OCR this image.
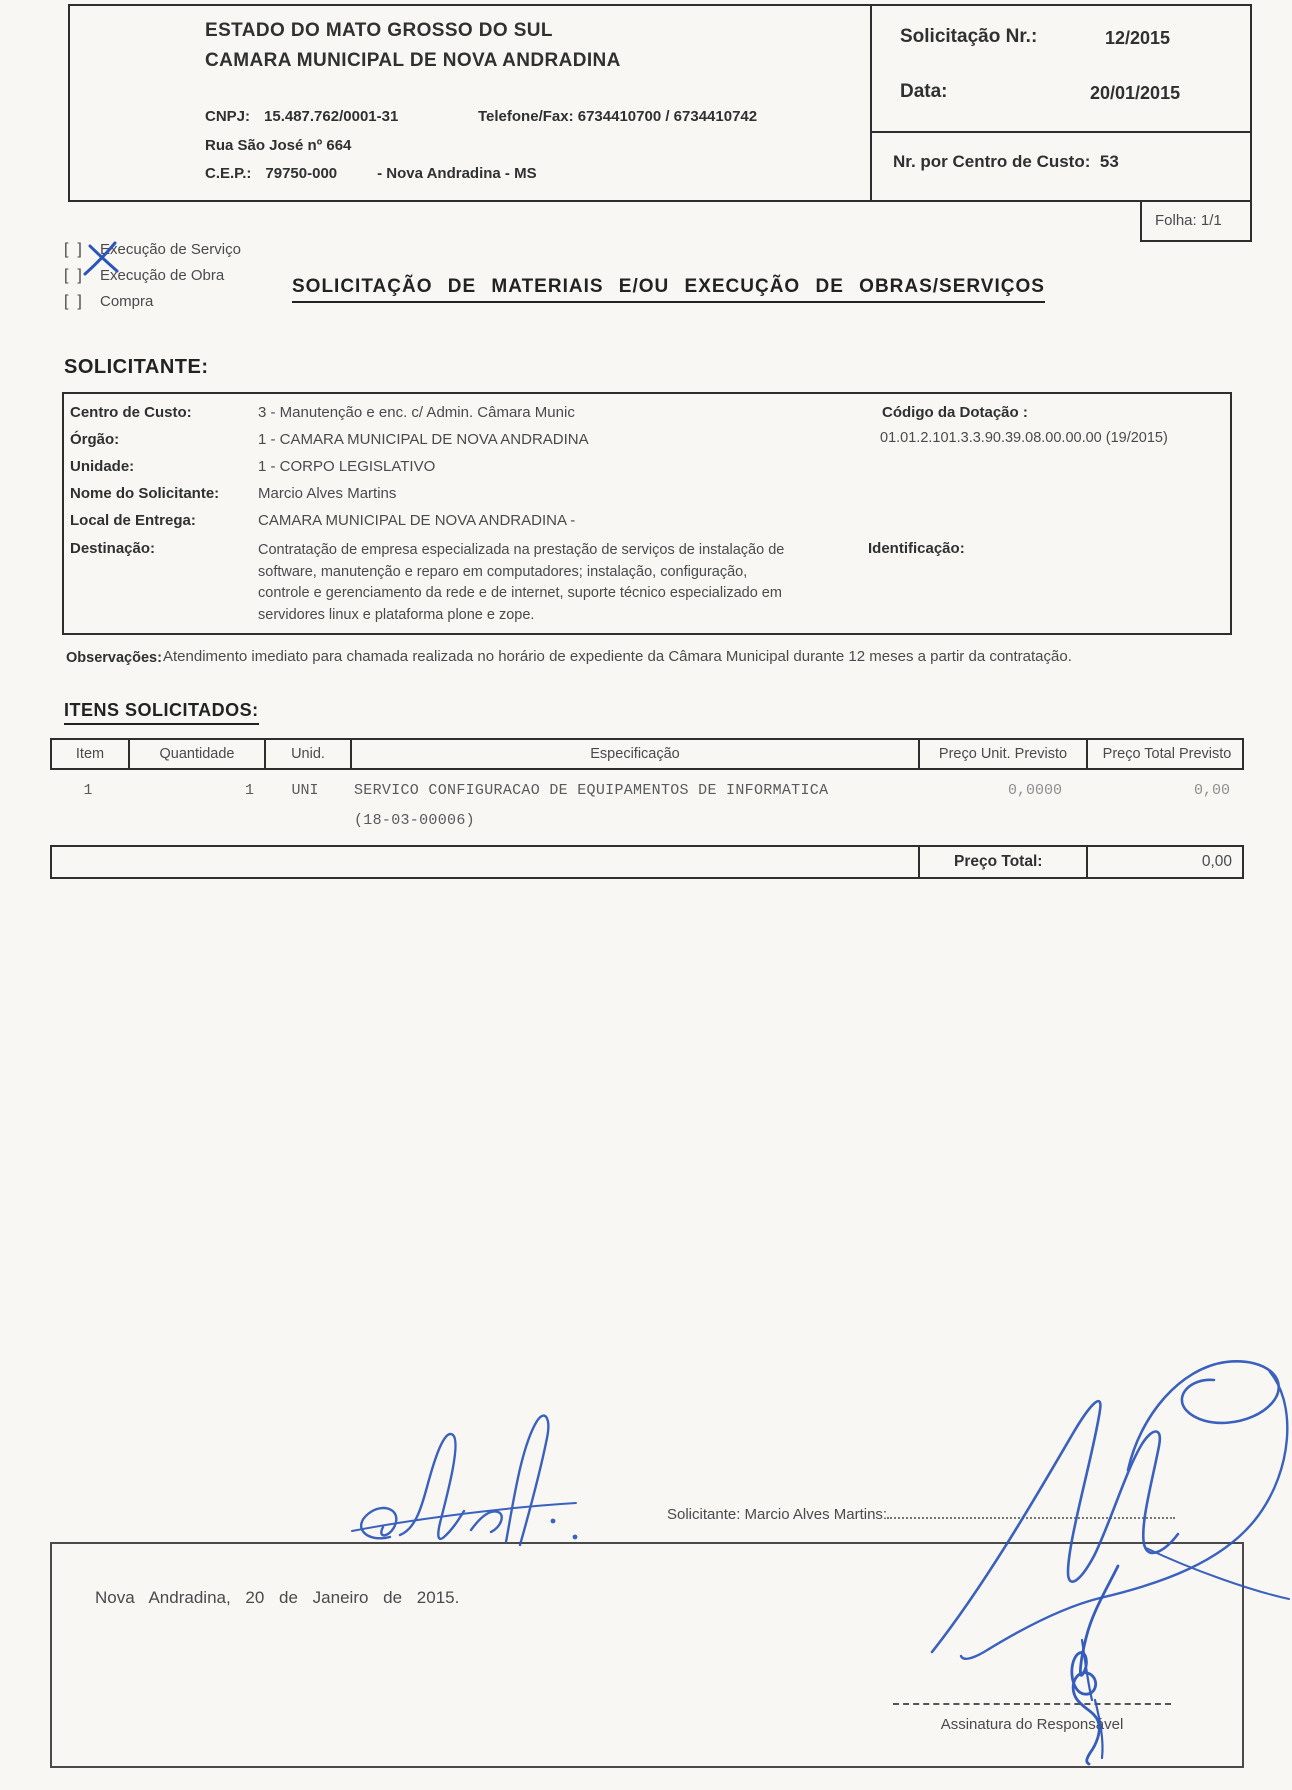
ESTADO DO MATO GROSSO DO SUL
CAMARA MUNICIPAL DE NOVA ANDRADINA
CNPJ: 15.487.762/0001-31	Telefone/Fax: 6734410700 / 6734410742
Rua São José nº 664
C.E.P.: 79750-000	- Nova Andradina - MS
Solicitação Nr.:	12/2015
Data:	20/01/2015
Nr. por Centro de Custo: 53
Folha: 1/1
[  ] Execução de Serviço
[  ] Execução de Obra
[  ] Compra
SOLICITAÇÃO DE MATERIAIS E/OU EXECUÇÃO DE OBRAS/SERVIÇOS
SOLICITANTE:
Centro de Custo:	3 - Manutenção e enc. c/ Admin. Câmara Munic
Órgão:	1 - CAMARA MUNICIPAL DE NOVA ANDRADINA
Unidade:	1 - CORPO LEGISLATIVO
Nome do Solicitante:	Marcio Alves Martins
Local de Entrega:	CAMARA MUNICIPAL DE NOVA ANDRADINA -
Destinação:	Contratação de empresa especializada na prestação de serviços de instalação de
software, manutenção e reparo em computadores; instalação, configuração,
controle e gerenciamento da rede e de internet, suporte técnico especializado em
servidores linux e plataforma plone e zope.
Código da Dotação :
01.01.2.101.3.3.90.39.08.00.00.00 (19/2015)
Identificação:
Observações: Atendimento imediato para chamada realizada no horário de expediente da Câmara Municipal durante 12 meses a partir da contratação.
ITENS SOLICITADOS:
Item	Quantidade	Unid.	Especificação	Preço Unit. Previsto	Preço Total Previsto
1	1	UNI	SERVICO CONFIGURACAO DE EQUIPAMENTOS DE INFORMATICA	0,0000	0,00
(18-03-00006)
Preço Total:	0,00
Solicitante: Marcio Alves Martins:
Nova Andradina, 20 de Janeiro de 2015.
Assinatura do Responsável
